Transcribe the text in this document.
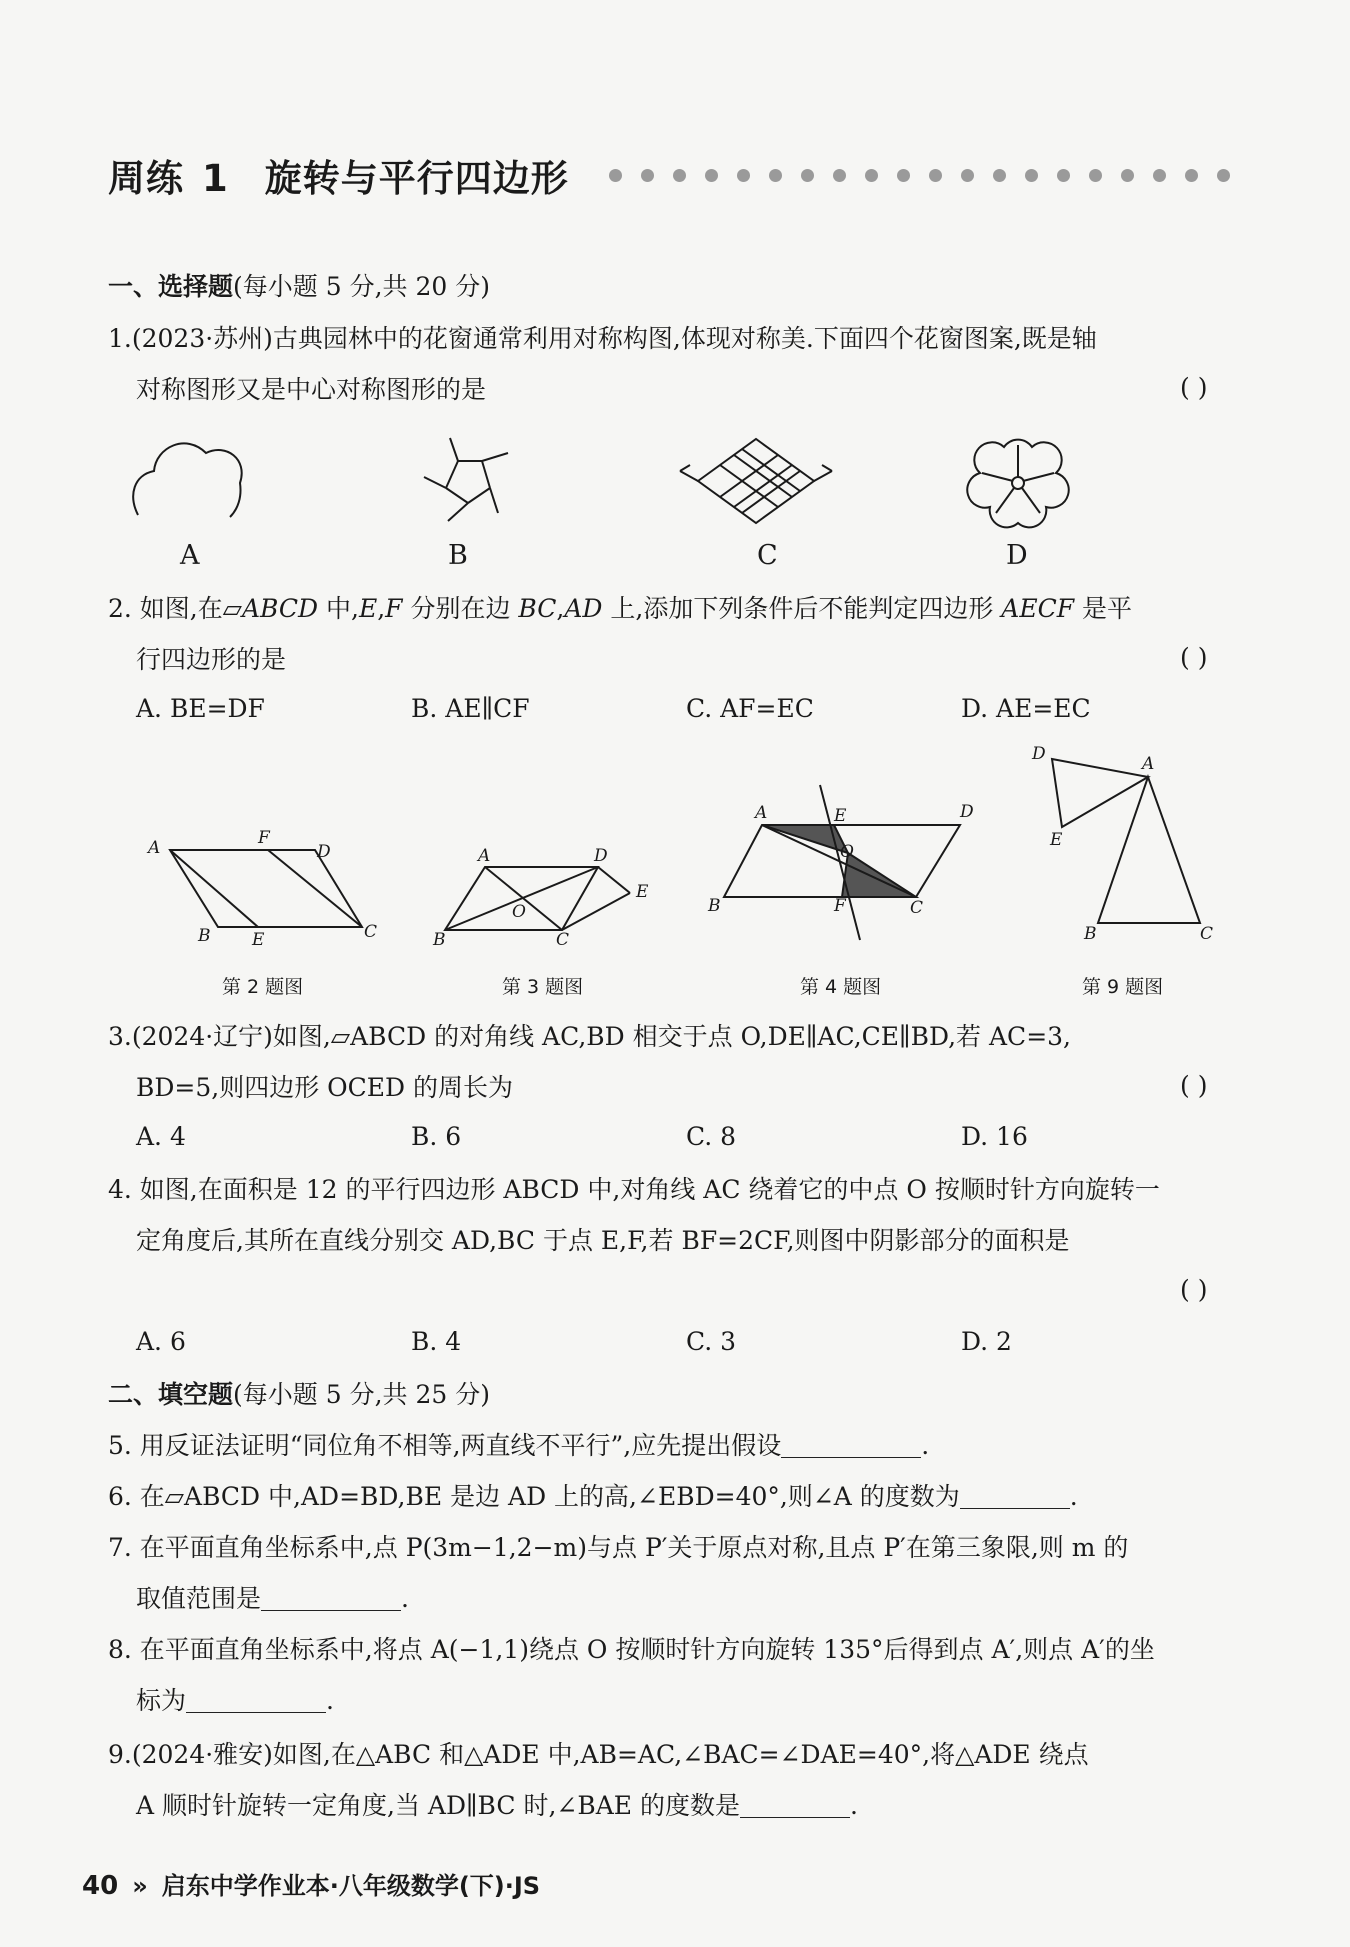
周练 1 旋转与平行四边形
一、选择题(每小题 5 分,共 20 分)
1.(2023·苏州)古典园林中的花窗通常利用对称构图,体现对称美.下面四个花窗图案,既是轴
对称图形又是中心对称图形的是	( )
A	B	C	D
2. 如图,在▱ABCD 中,E,F 分别在边 BC,AD 上,添加下列条件后不能判定四边形 AECF 是平
行四边形的是	( )
A. BE=DF	B. AE∥CF	C. AF=EC	D. AE=EC
A	F
D
B E	C
A	D
E
O
B	C
A	E	D
O
B	F	C
D	A
E
B	C
第 2 题图	第 3 题图	第 4 题图	第 9 题图
3.(2024·辽宁)如图,▱ABCD 的对角线 AC,BD 相交于点 O,DE∥AC,CE∥BD,若 AC=3,
BD=5,则四边形 OCED 的周长为	( )
A. 4	B. 6	C. 8	D. 16
4. 如图,在面积是 12 的平行四边形 ABCD 中,对角线 AC 绕着它的中点 O 按顺时针方向旋转一
定角度后,其所在直线分别交 AD,BC 于点 E,F,若 BF=2CF,则图中阴影部分的面积是
( )
A. 6	B. 4	C. 3	D. 2
二、填空题(每小题 5 分,共 25 分)
5. 用反证法证明“同位角不相等,两直线不平行”,应先提出假设	.
6. 在▱ABCD 中,AD=BD,BE 是边 AD 上的高,∠EBD=40°,则∠A 的度数为	.
7. 在平面直角坐标系中,点 P(3m−1,2−m)与点 P′关于原点对称,且点 P′在第三象限,则 m 的
取值范围是	.
8. 在平面直角坐标系中,将点 A(−1,1)绕点 O 按顺时针方向旋转 135°后得到点 A′,则点 A′的坐
标为	.
9.(2024·雅安)如图,在△ABC 和△ADE 中,AB=AC,∠BAC=∠DAE=40°,将△ADE 绕点
A 顺时针旋转一定角度,当 AD∥BC 时,∠BAE 的度数是	.
40 » 启东中学作业本·八年级数学(下)·JS
